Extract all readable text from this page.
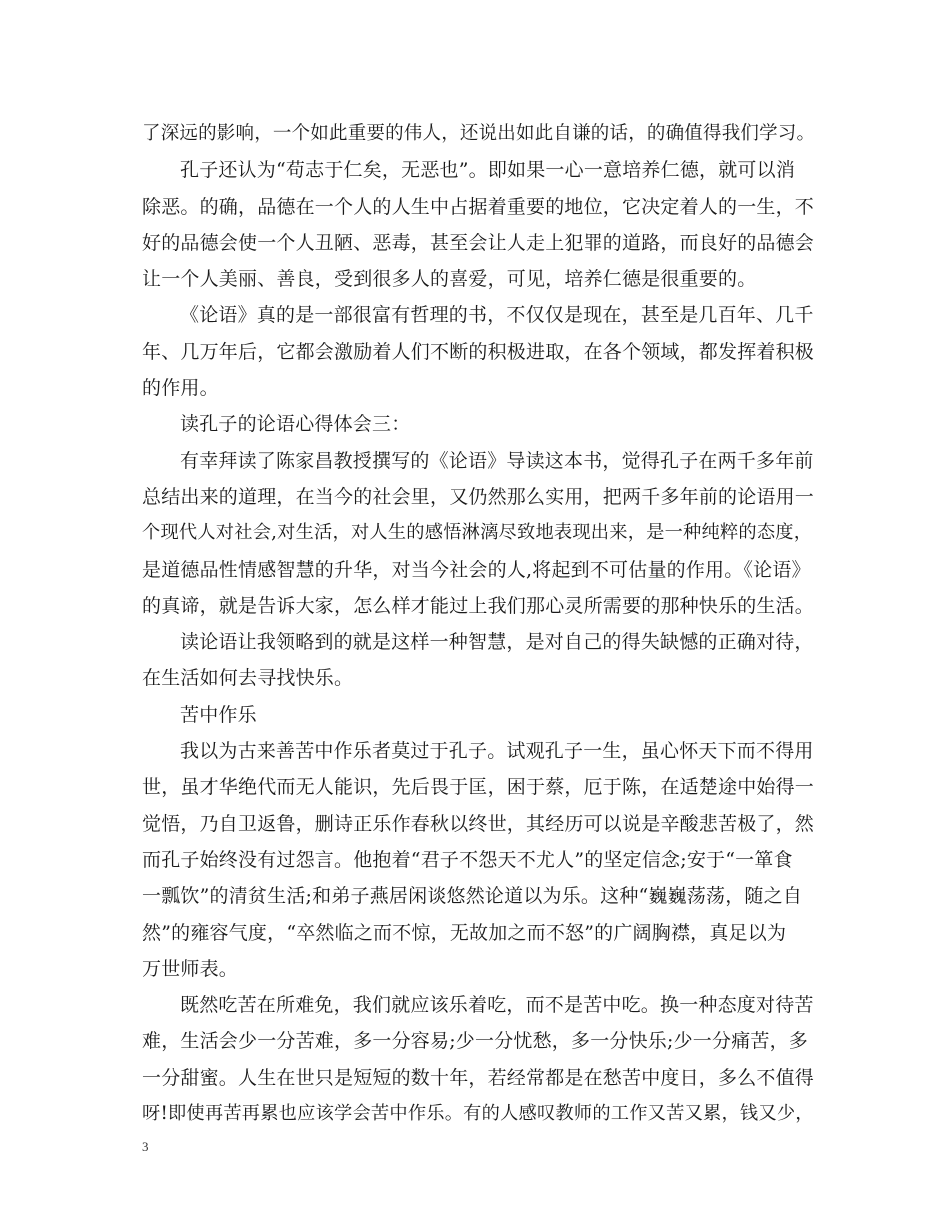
了深远的影响，一个如此重要的伟人，还说出如此自谦的话，的确值得我们学习。
孔子还认为“苟志于仁矣，无恶也”。即如果一心一意培养仁德，就可以消
除恶。的确，品德在一个人的人生中占据着重要的地位，它决定着人的一生，不
好的品德会使一个人丑陋、恶毒，甚至会让人走上犯罪的道路，而良好的品德会
让一个人美丽、善良，受到很多人的喜爱，可见，培养仁德是很重要的。
《论语》真的是一部很富有哲理的书，不仅仅是现在，甚至是几百年、几千
年、几万年后，它都会激励着人们不断的积极进取，在各个领域，都发挥着积极
的作用。
读孔子的论语心得体会三：
有幸拜读了陈家昌教授撰写的《论语》导读这本书，觉得孔子在两千多年前
总结出来的道理，在当今的社会里，又仍然那么实用，把两千多年前的论语用一
个现代人对社会,对生活，对人生的感悟淋漓尽致地表现出来，是一种纯粹的态度，
是道德品性情感智慧的升华，对当今社会的人,将起到不可估量的作用。《论语》
的真谛，就是告诉大家，怎么样才能过上我们那心灵所需要的那种快乐的生活。
读论语让我领略到的就是这样一种智慧，是对自己的得失缺憾的正确对待，
在生活如何去寻找快乐。
苦中作乐
我以为古来善苦中作乐者莫过于孔子。试观孔子一生，虽心怀天下而不得用
世，虽才华绝代而无人能识，先后畏于匡，困于蔡，厄于陈，在适楚途中始得一
觉悟，乃自卫返鲁，删诗正乐作春秋以终世，其经历可以说是辛酸悲苦极了，然
而孔子始终没有过怨言。他抱着“君子不怨天不尤人”的坚定信念;安于“一箪食
一瓢饮”的清贫生活;和弟子燕居闲谈悠然论道以为乐。这种“巍巍荡荡，随之自
然”的雍容气度，“卒然临之而不惊，无故加之而不怒”的广阔胸襟，真足以为
万世师表。
既然吃苦在所难免，我们就应该乐着吃，而不是苦中吃。换一种态度对待苦
难，生活会少一分苦难，多一分容易;少一分忧愁，多一分快乐;少一分痛苦，多
一分甜蜜。人生在世只是短短的数十年，若经常都是在愁苦中度日，多么不值得
呀!即使再苦再累也应该学会苦中作乐。有的人感叹教师的工作又苦又累，钱又少，
3
